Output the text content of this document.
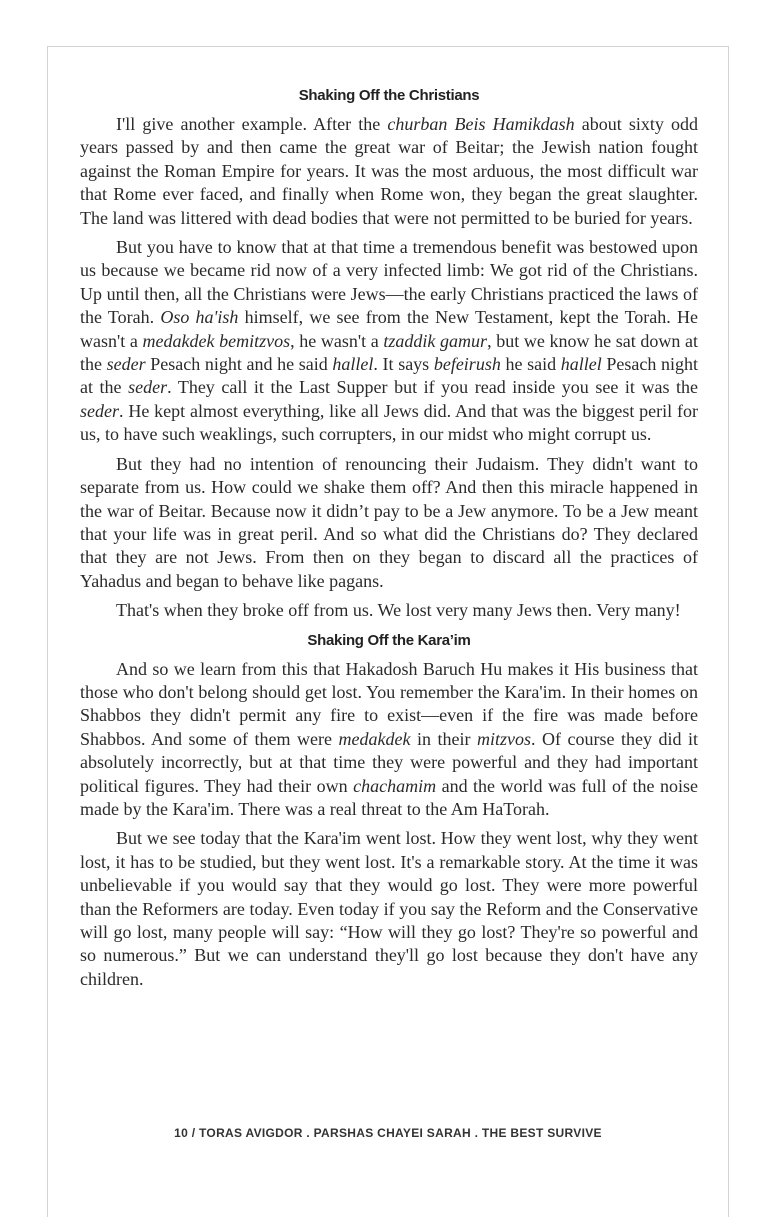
Shaking Off the Christians

I'll give another example. After the churban Beis Hamikdash about sixty odd years passed by and then came the great war of Beitar; the Jewish nation fought against the Roman Empire for years. It was the most arduous, the most difficult war that Rome ever faced, and finally when Rome won, they began the great slaughter. The land was littered with dead bodies that were not permitted to be buried for years.

But you have to know that at that time a tremendous benefit was bestowed upon us because we became rid now of a very infected limb: We got rid of the Christians. Up until then, all the Christians were Jews—the early Christians practiced the laws of the Torah. Oso ha'ish himself, we see from the New Testament, kept the Torah. He wasn't a medakdek bemitzvos, he wasn't a tzaddik gamur, but we know he sat down at the seder Pesach night and he said hallel. It says befeirush he said hallel Pesach night at the seder. They call it the Last Supper but if you read inside you see it was the seder. He kept almost everything, like all Jews did. And that was the biggest peril for us, to have such weaklings, such corrupters, in our midst who might corrupt us.

But they had no intention of renouncing their Judaism. They didn't want to separate from us. How could we shake them off? And then this miracle happened in the war of Beitar. Because now it didn’t pay to be a Jew anymore. To be a Jew meant that your life was in great peril. And so what did the Christians do? They declared that they are not Jews. From then on they began to discard all the practices of Yahadus and began to behave like pagans.

That's when they broke off from us. We lost very many Jews then. Very many!

Shaking Off the Kara’im

And so we learn from this that Hakadosh Baruch Hu makes it His business that those who don't belong should get lost. You remember the Kara'im. In their homes on Shabbos they didn't permit any fire to exist—even if the fire was made before Shabbos. And some of them were medakdek in their mitzvos. Of course they did it absolutely incorrectly, but at that time they were powerful and they had important political figures. They had their own chachamim and the world was full of the noise made by the Kara'im. There was a real threat to the Am HaTorah.

But we see today that the Kara'im went lost. How they went lost, why they went lost, it has to be studied, but they went lost. It's a remarkable story. At the time it was unbelievable if you would say that they would go lost. They were more powerful than the Reformers are today. Even today if you say the Reform and the Conservative will go lost, many people will say: “How will they go lost? They're so powerful and so numerous.” But we can understand they'll go lost because they don't have any children.

10 / TORAS AVIGDOR . PARSHAS CHAYEI SARAH . THE BEST SURVIVE
